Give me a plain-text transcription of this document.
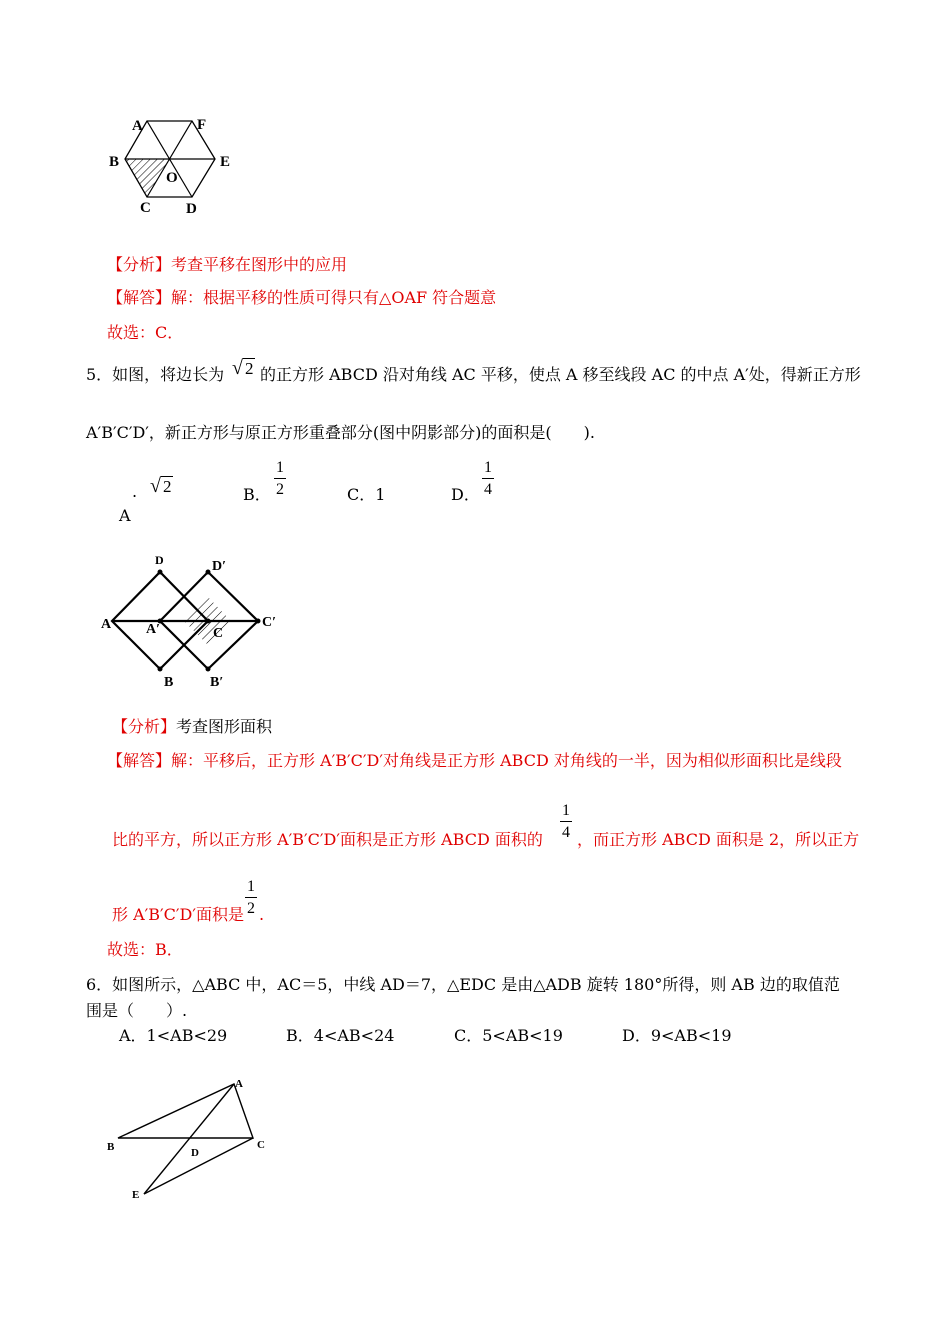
A	F
B	E
O
C D
【分析】考查平移在图形中的应用
【解答】解：根据平移的性质可得只有△OAF 符合题意
故选：C．
5．如图，将边长为 √ 2 的正方形 ABCD 沿对角线 AC 平移，使点 A 移至线段 AC 的中点 A′处，得新正方形
A′B′C′D′，新正方形与原正方形重叠部分(图中阴影部分)的面积是(　　).
. √ 2
A
B．
1
2	C．1	D．
1
4
D	D′
A A′	C
C′
B	B′
【分析】考查图形面积
【解答】解：平移后，正方形 A′B′C′D′对角线是正方形 ABCD 对角线的一半，因为相似形面积比是线段
比的平方，所以正方形 A′B′C′D′面积是正方形 ABCD 面积的
1
4 ，而正方形 ABCD 面积是 2，所以正方
形 A′B′C′D′面积是
1
2 .
故选：B．
6．如图所示，△ABC 中，AC＝5，中线 AD＝7，△EDC 是由△ADB 旋转 180°所得，则 AB 边的取值范
围是（　　）.
A．1<AB<29	B．4<AB<24	C．5<AB<19	D．9<AB<19
A
B	C
D
E
